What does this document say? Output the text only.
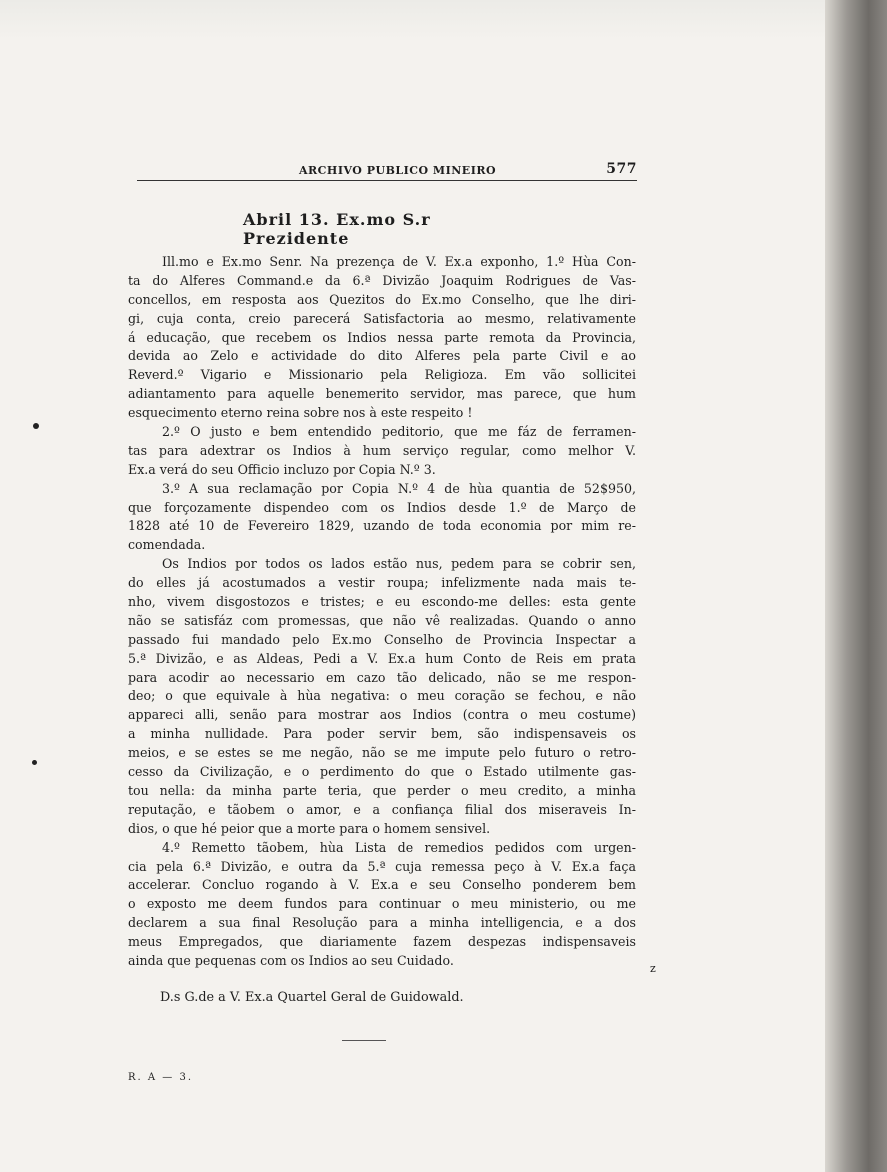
ARCHIVO PUBLICO MINEIRO	577
Abril 13. Ex.mo S.r Prezidente
Ill.mo e Ex.mo Senr. Na prezença de V. Ex.a exponho, 1.º Hùa Con-
ta do Alferes Command.e da 6.ª Divizão Joaquim Rodrigues de Vas-
concellos, em resposta aos Quezitos do Ex.mo Conselho, que lhe diri-
gi, cuja conta, creio parecerá Satisfactoria ao mesmo, relativamente
á educação, que recebem os Indios nessa parte remota da Provincia,
devida ao Zelo e actividade do dito Alferes pela parte Civil e ao
Reverd.º Vigario e Missionario pela Religioza. Em vão sollicitei
adiantamento para aquelle benemerito servidor, mas parece, que hum
esquecimento eterno reina sobre nos à este respeito !
2.º O justo e bem entendido peditorio, que me fáz de ferramen-
tas para adextrar os Indios à hum serviço regular, como melhor V.
Ex.a verá do seu Officio incluzo por Copia N.º 3.
3.º A sua reclamação por Copia N.º 4 de hùa quantia de 52$950,
que forçozamente dispendeo com os Indios desde 1.º de Março de
1828 até 10 de Fevereiro 1829, uzando de toda economia por mim re-
comendada.
Os Indios por todos os lados estão nus, pedem para se cobrir sen,
do elles já acostumados a vestir roupa; infelizmente nada mais te-
nho, vivem disgostozos e tristes; e eu escondo-me delles: esta gente
não se satisfáz com promessas, que não vê realizadas. Quando o anno
passado fui mandado pelo Ex.mo Conselho de Provincia Inspectar a
5.ª Divizão, e as Aldeas, Pedi a V. Ex.a hum Conto de Reis em prata
para acodir ao necessario em cazo tão delicado, não se me respon-
deo; o que equivale à hùa negativa: o meu coração se fechou, e não
appareci alli, senão para mostrar aos Indios (contra o meu costume)
a minha nullidade. Para poder servir bem, são indispensaveis os
meios, e se estes se me negão, não se me impute pelo futuro o retro-
cesso da Civilização, e o perdimento do que o Estado utilmente gas-
tou nella: da minha parte teria, que perder o meu credito, a minha
reputação, e tãobem o amor, e a confiança filial dos miseraveis In-
dios, o que hé peior que a morte para o homem sensivel.
4.º Remetto tãobem, hùa Lista de remedios pedidos com urgen-
cia pela 6.ª Divizão, e outra da 5.ª cuja remessa peço à V. Ex.a faça
accelerar. Concluo rogando à V. Ex.a e seu Conselho ponderem bem
o exposto me deem fundos para continuar o meu ministerio, ou me
declarem a sua final Resolução para a minha intelligencia, e a dos
meus Empregados, que diariamente fazem despezas indispensaveis
ainda que pequenas com os Indios ao seu Cuidado.
D.s G.de a V. Ex.a Quartel Geral de Guidowald.
R. A — 3.
z
